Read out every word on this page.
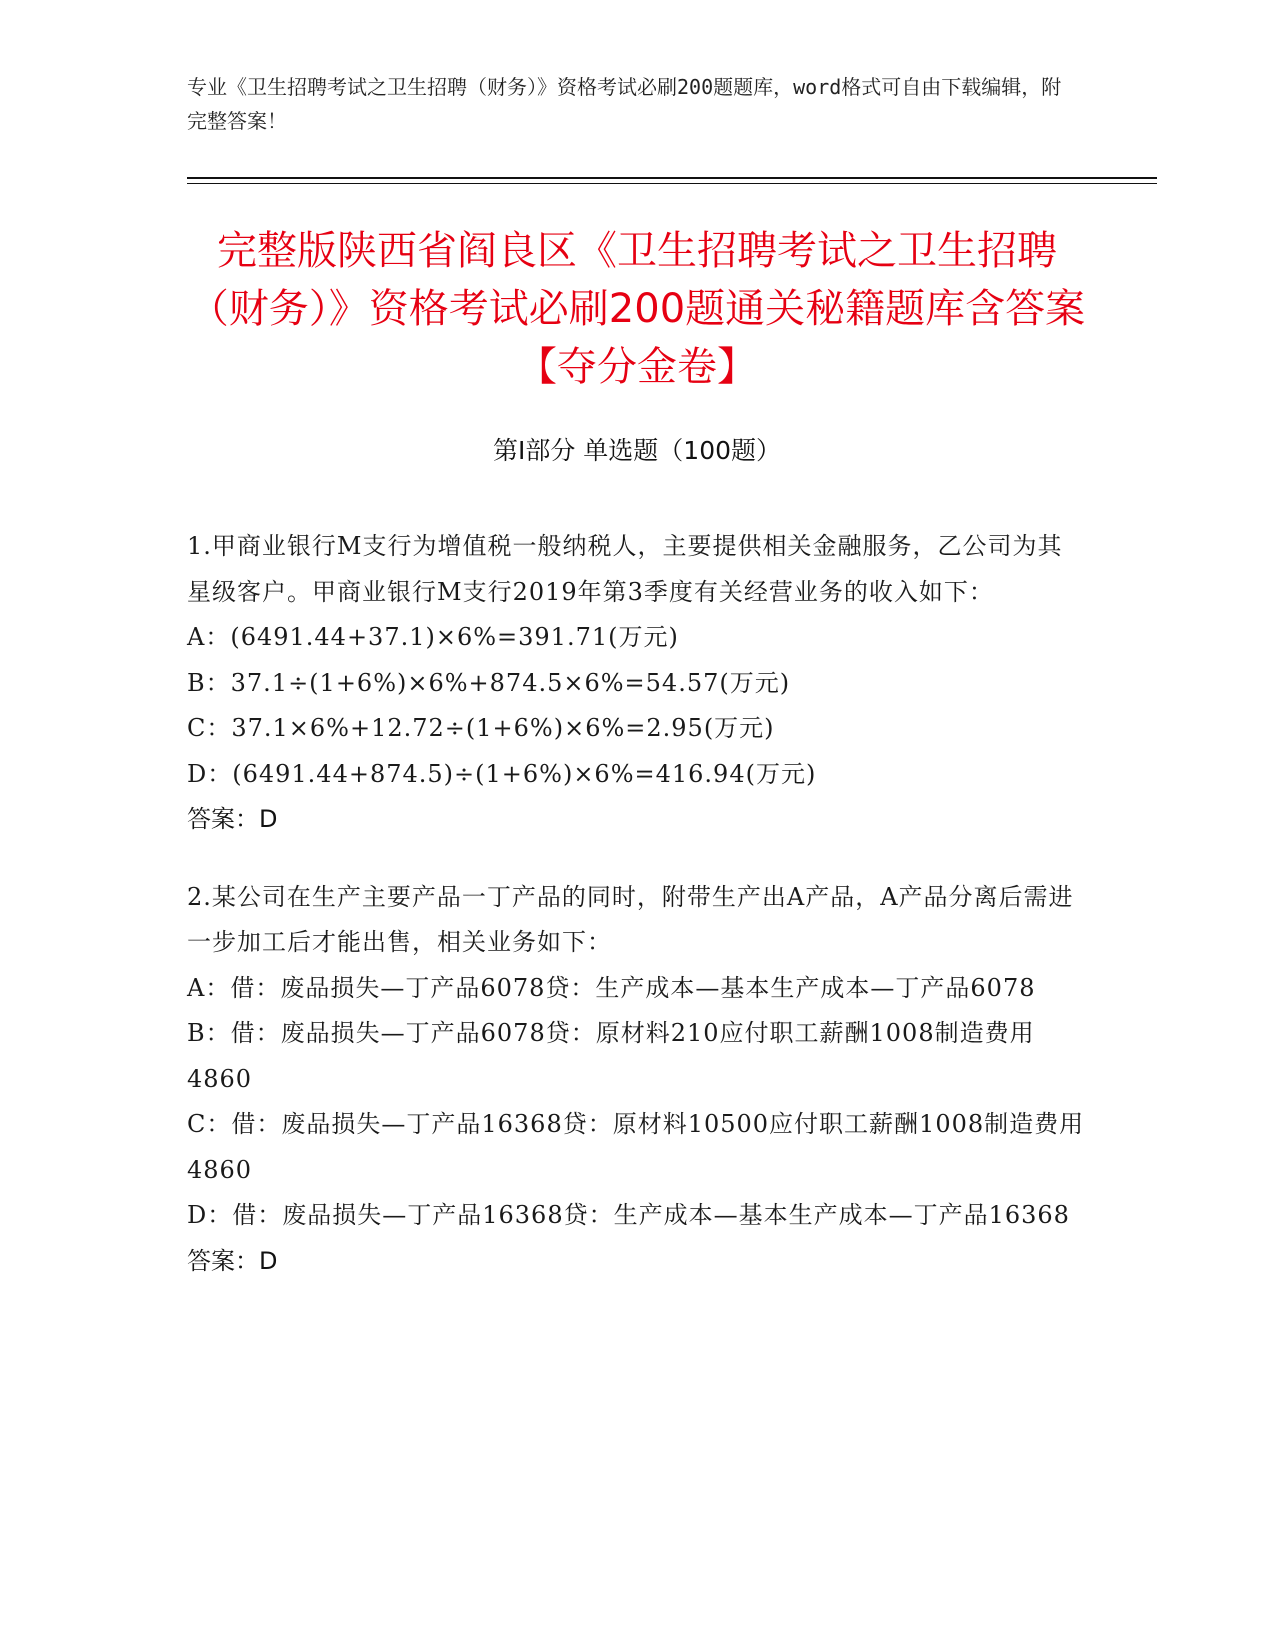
专业《卫生招聘考试之卫生招聘（财务）》资格考试必刷200题题库，word格式可自由下载编辑，附完整答案！
完整版陕西省阎良区《卫生招聘考试之卫生招聘（财务）》资格考试必刷200题通关秘籍题库含答案【夺分金卷】
第I部分 单选题（100题）
1.甲商业银行M支行为增值税一般纳税人，主要提供相关金融服务，乙公司为其星级客户。甲商业银行M支行2019年第3季度有关经营业务的收入如下：
A：(6491.44+37.1)×6%=391.71(万元)
B：37.1÷(1+6%)×6%+874.5×6%=54.57(万元)
C：37.1×6%+12.72÷(1+6%)×6%=2.95(万元)
D：(6491.44+874.5)÷(1+6%)×6%=416.94(万元)
答案：D
2.某公司在生产主要产品一丁产品的同时，附带生产出A产品，A产品分离后需进一步加工后才能出售，相关业务如下：
A：借：废品损失—丁产品6078贷：生产成本—基本生产成本—丁产品6078
B：借：废品损失—丁产品6078贷：原材料210应付职工薪酬1008制造费用4860
C：借：废品损失—丁产品16368贷：原材料10500应付职工薪酬1008制造费用4860
D：借：废品损失—丁产品16368贷：生产成本—基本生产成本—丁产品16368
答案：D
